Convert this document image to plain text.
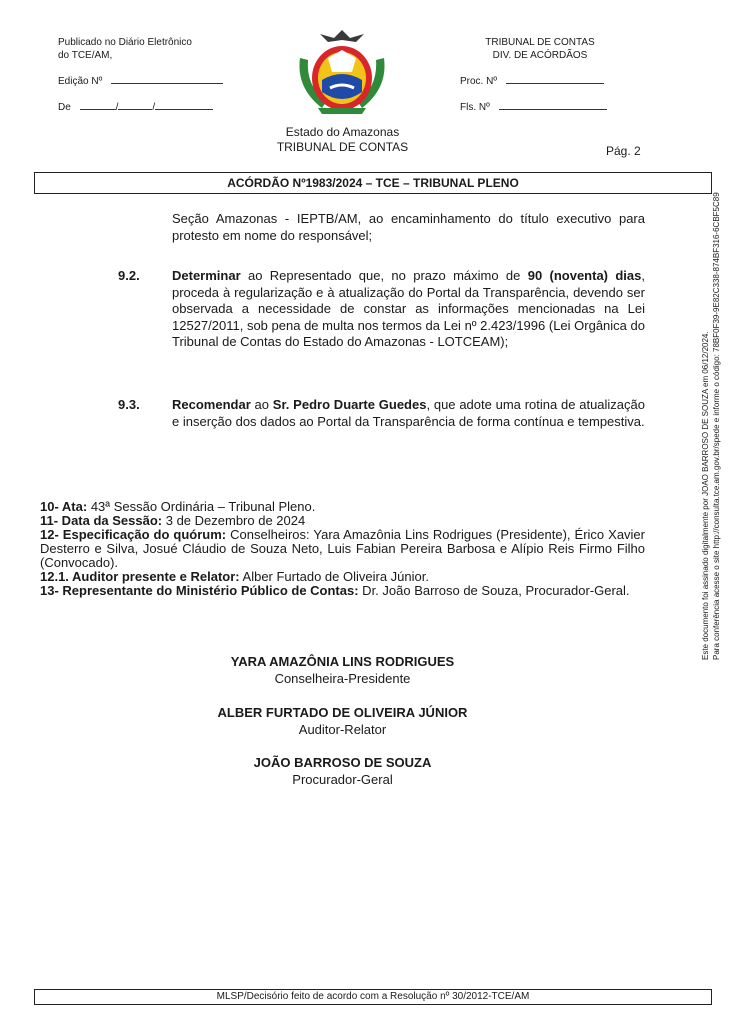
Publicado no Diário Eletrônico
do TCE/AM,
Edição Nº
De	/	/
Estado do Amazonas
TRIBUNAL DE CONTAS
TRIBUNAL DE CONTAS
DIV. DE ACÓRDÃOS
Proc. Nº
Fls. Nº
Pág. 2
ACÓRDÃO Nº1983/2024 – TCE – TRIBUNAL PLENO
Seção Amazonas - IEPTB/AM, ao encaminhamento do título executivo para protesto em nome do responsável;
9.2. Determinar ao Representado que, no prazo máximo de 90 (noventa) dias, proceda à regularização e à atualização do Portal da Transparência, devendo ser observada a necessidade de constar as informações mencionadas na Lei 12527/2011, sob pena de multa nos termos da Lei nº 2.423/1996 (Lei Orgânica do Tribunal de Contas do Estado do Amazonas - LOTCEAM);
9.3. Recomendar ao Sr. Pedro Duarte Guedes, que adote uma rotina de atualização e inserção dos dados ao Portal da Transparência de forma contínua e tempestiva.

10- Ata: 43ª Sessão Ordinária – Tribunal Pleno.

11- Data da Sessão: 3 de Dezembro de 2024

12- Especificação do quórum: Conselheiros: Yara Amazônia Lins Rodrigues (Presidente), Érico Xavier Desterro e Silva, Josué Cláudio de Souza Neto, Luis Fabian Pereira Barbosa e Alípio Reis Firmo Filho (Convocado).

12.1. Auditor presente e Relator: Alber Furtado de Oliveira Júnior.

13- Representante do Ministério Público de Contas: Dr. João Barroso de Souza, Procurador-Geral.

YARA AMAZÔNIA LINS RODRIGUES
Conselheira-Presidente
ALBER FURTADO DE OLIVEIRA JÚNIOR
Auditor-Relator
JOÃO BARROSO DE SOUZA
Procurador-Geral
MLSP/Decisório feito de acordo com a Resolução nº 30/2012-TCE/AM
Este documento foi assinado digitalmente por JOAO BARROSO DE SOUZA em 06/12/2024. Para conferência acesse o site http://consulta.tce.am.gov.br/spede e informe o código: 78BF0F39-9E82C338-874BF316-6CBF5C89
